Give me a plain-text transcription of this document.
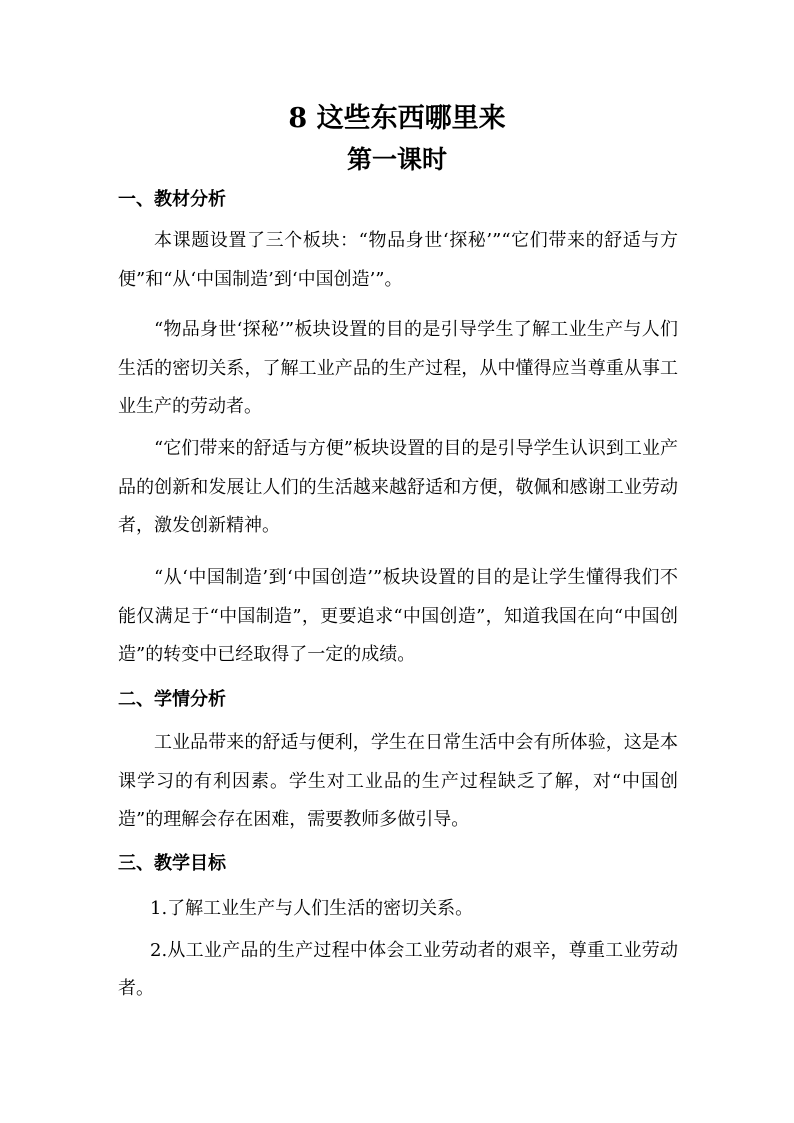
8 这些东西哪里来
第一课时
一、教材分析
本课题设置了三个板块：“物品身世‘探秘’”“它们带来的舒适与方便”和“从‘中国制造’到‘中国创造’”。
“物品身世‘探秘’”板块设置的目的是引导学生了解工业生产与人们生活的密切关系，了解工业产品的生产过程，从中懂得应当尊重从事工业生产的劳动者。
“它们带来的舒适与方便”板块设置的目的是引导学生认识到工业产品的创新和发展让人们的生活越来越舒适和方便，敬佩和感谢工业劳动者，激发创新精神。
“从‘中国制造’到‘中国创造’”板块设置的目的是让学生懂得我们不能仅满足于“中国制造”，更要追求“中国创造”，知道我国在向“中国创造”的转变中已经取得了一定的成绩。
二、学情分析
工业品带来的舒适与便利，学生在日常生活中会有所体验，这是本课学习的有利因素。学生对工业品的生产过程缺乏了解，对“中国创造”的理解会存在困难，需要教师多做引导。
三、教学目标
1.了解工业生产与人们生活的密切关系。
2.从工业产品的生产过程中体会工业劳动者的艰辛，尊重工业劳动者。
